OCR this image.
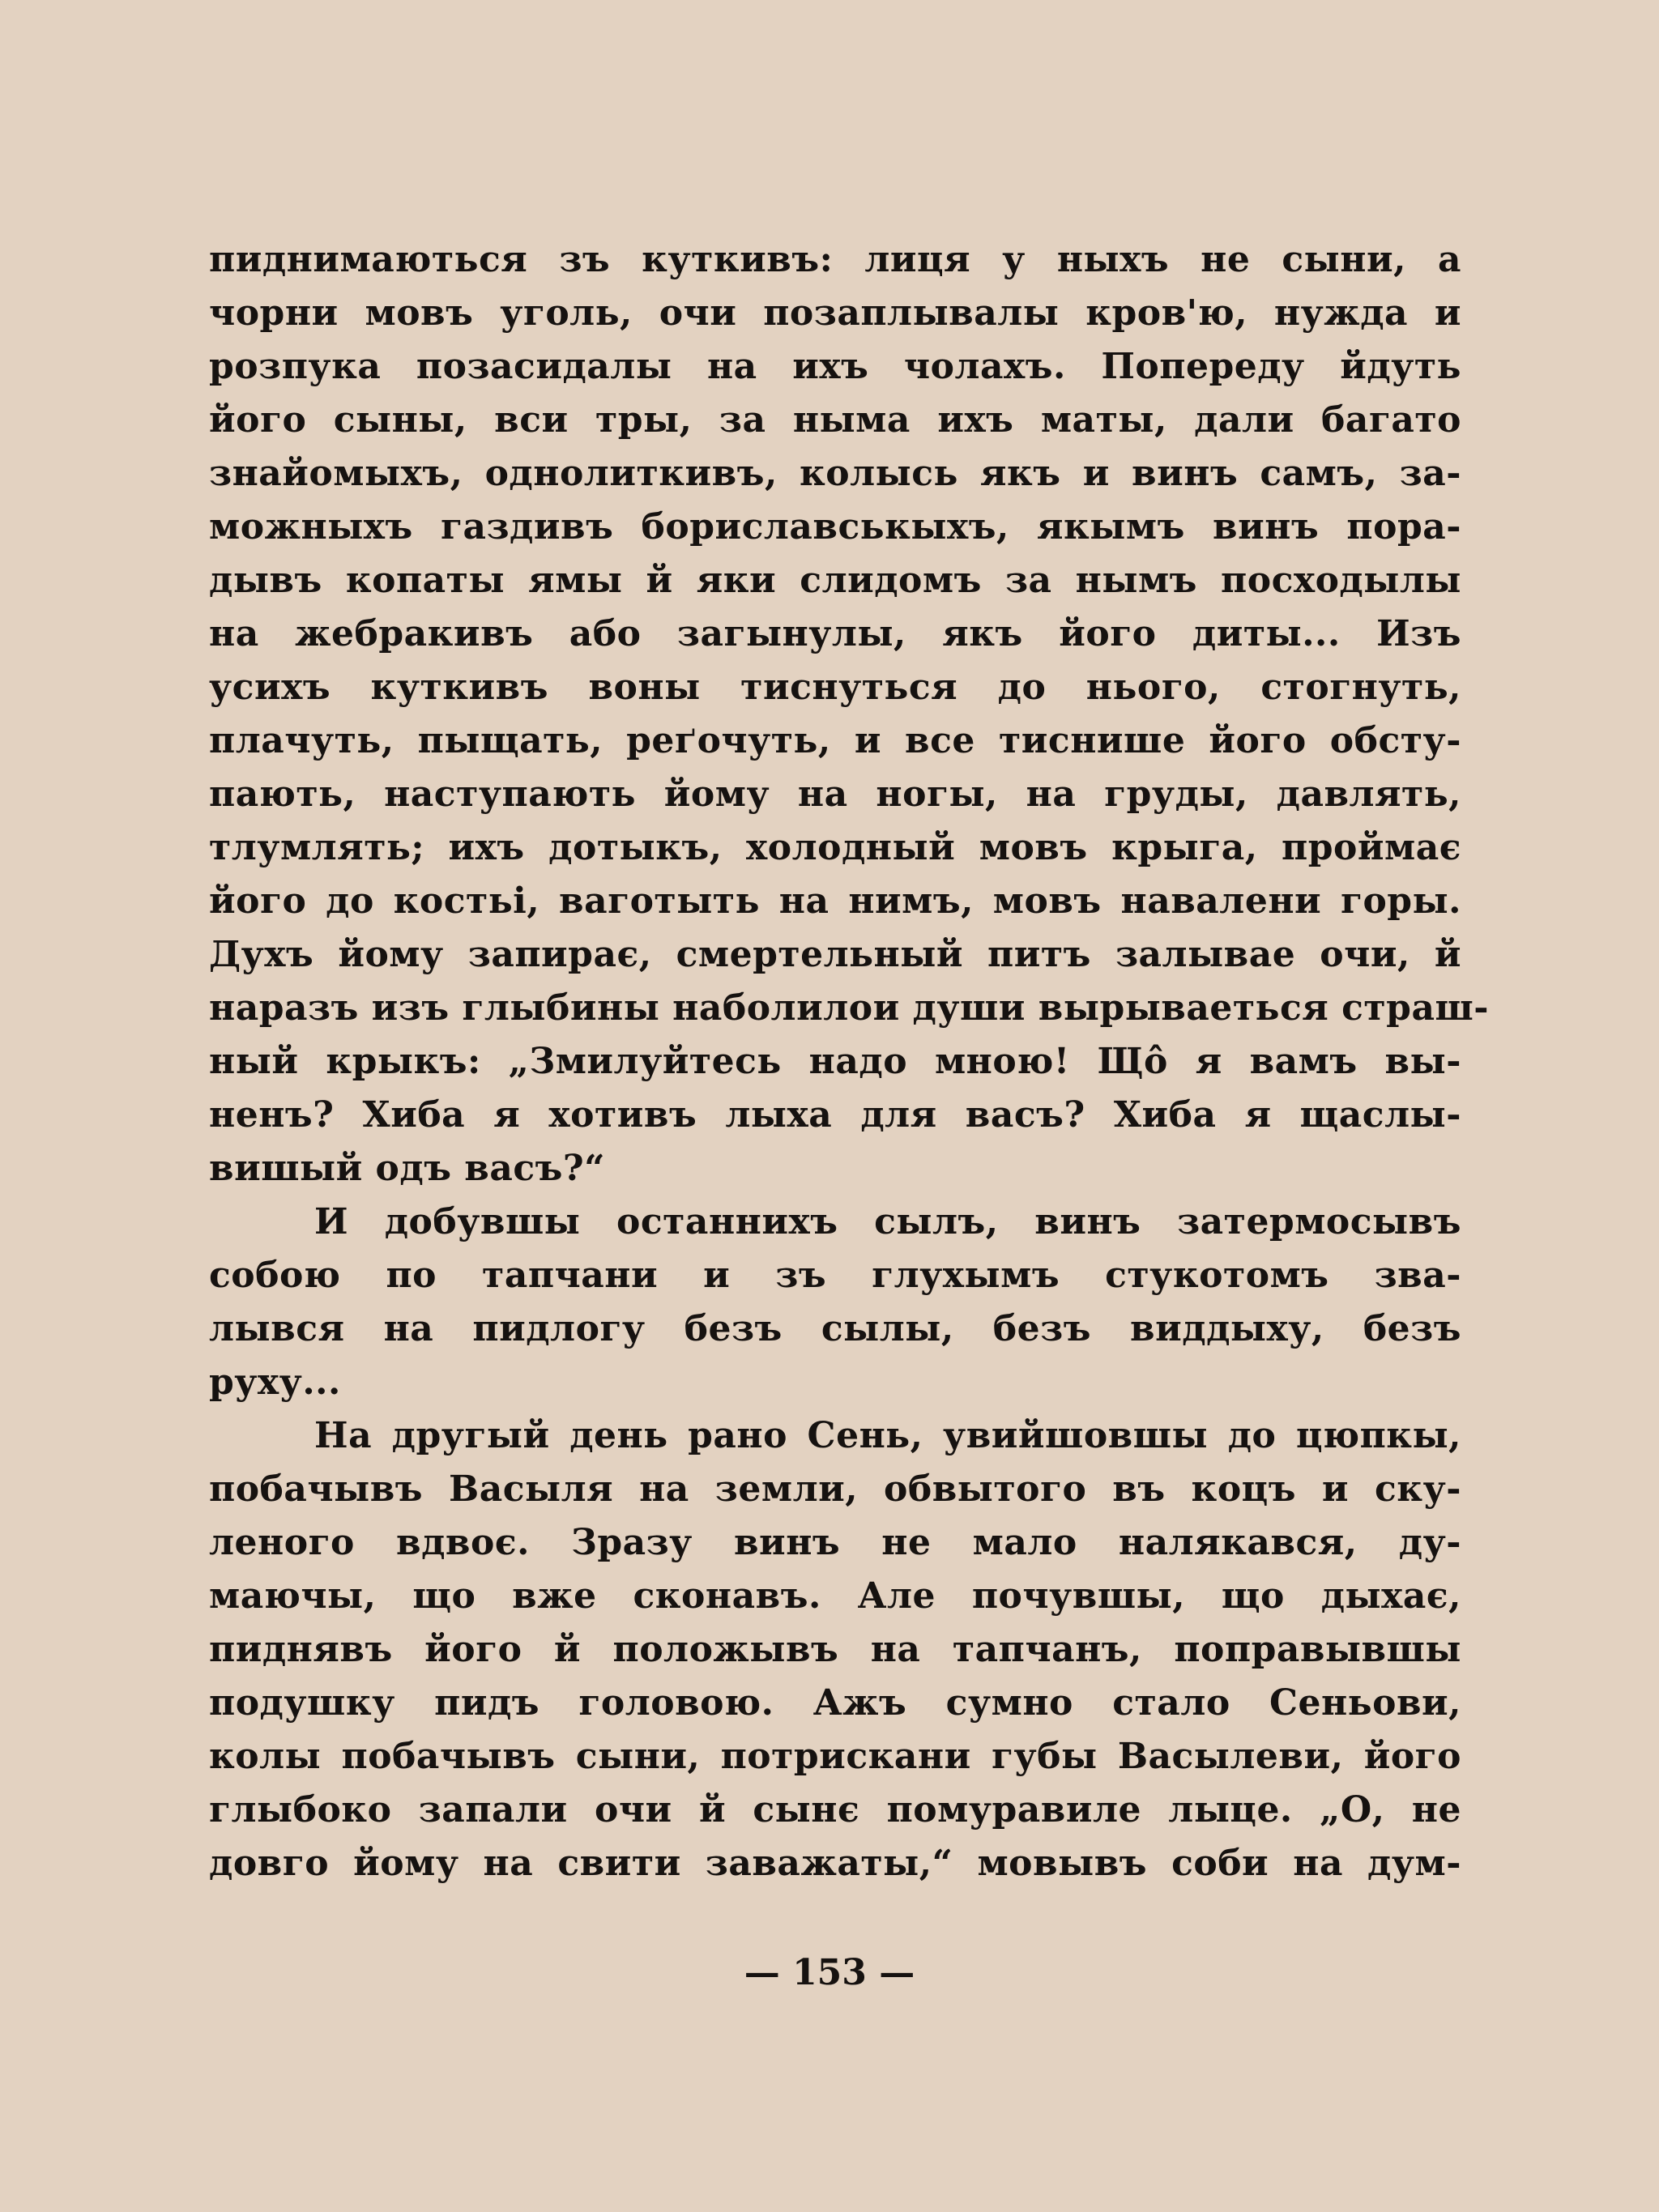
пиднимаються зъ куткивъ: лиця у ныхъ не сыни, а
чорни мовъ уголь, очи позаплывалы кров'ю, нужда и
розпука позасидалы на ихъ чолахъ. Попереду йдуть
його сыны, вси тры, за ныма ихъ маты, дали багато
знайомыхъ, однолиткивъ, колысь якъ и винъ самъ, за-
можныхъ газдивъ бориславськыхъ, якымъ винъ пора-
дывъ копаты ямы й яки слидомъ за нымъ посходылы
на жебракивъ або загынулы, якъ його диты... Изъ
усихъ куткивъ воны тиснуться до нього, стогнуть,
плачуть, пыщать, реґочуть, и все тиснише його обсту-
пають, наступають йому на ногы, на груды, давлять,
тлумлять; ихъ дотыкъ, холодный мовъ крыга, проймає
його до костьі, ваготыть на нимъ, мовъ навалени горы.
Духъ йому запирає, смертельный питъ залывае очи, й
наразъ изъ глыбины наболилои души вырываеться страш-
ный крыкъ: „Змилуйтесь надо мною! Щô я вамъ вы-
ненъ? Хиба я хотивъ лыха для васъ? Хиба я щаслы-
вишый одъ васъ?“
И добувшы останнихъ сылъ, винъ затермосывъ
собою по тапчани и зъ глухымъ стукотомъ зва-
лывся на пидлогу безъ сылы, безъ виддыху, безъ
руху...
На другый день рано Сень, увийшовшы до цюпкы,
побачывъ Васыля на земли, обвытого въ коцъ и ску-
леного вдвоє. Зразу винъ не мало налякався, ду-
маючы, що вже сконавъ. Але почувшы, що дыхає,
пиднявъ його й положывъ на тапчанъ, поправывшы
подушку пидъ головою. Ажъ сумно стало Сеньови,
колы побачывъ сыни, потрискани губы Васылеви, його
глыбоко запали очи й сынє помуравиле лыце. „О, не
довго йому на свити заважаты,“ мовывъ соби на дум-
— 153 —
